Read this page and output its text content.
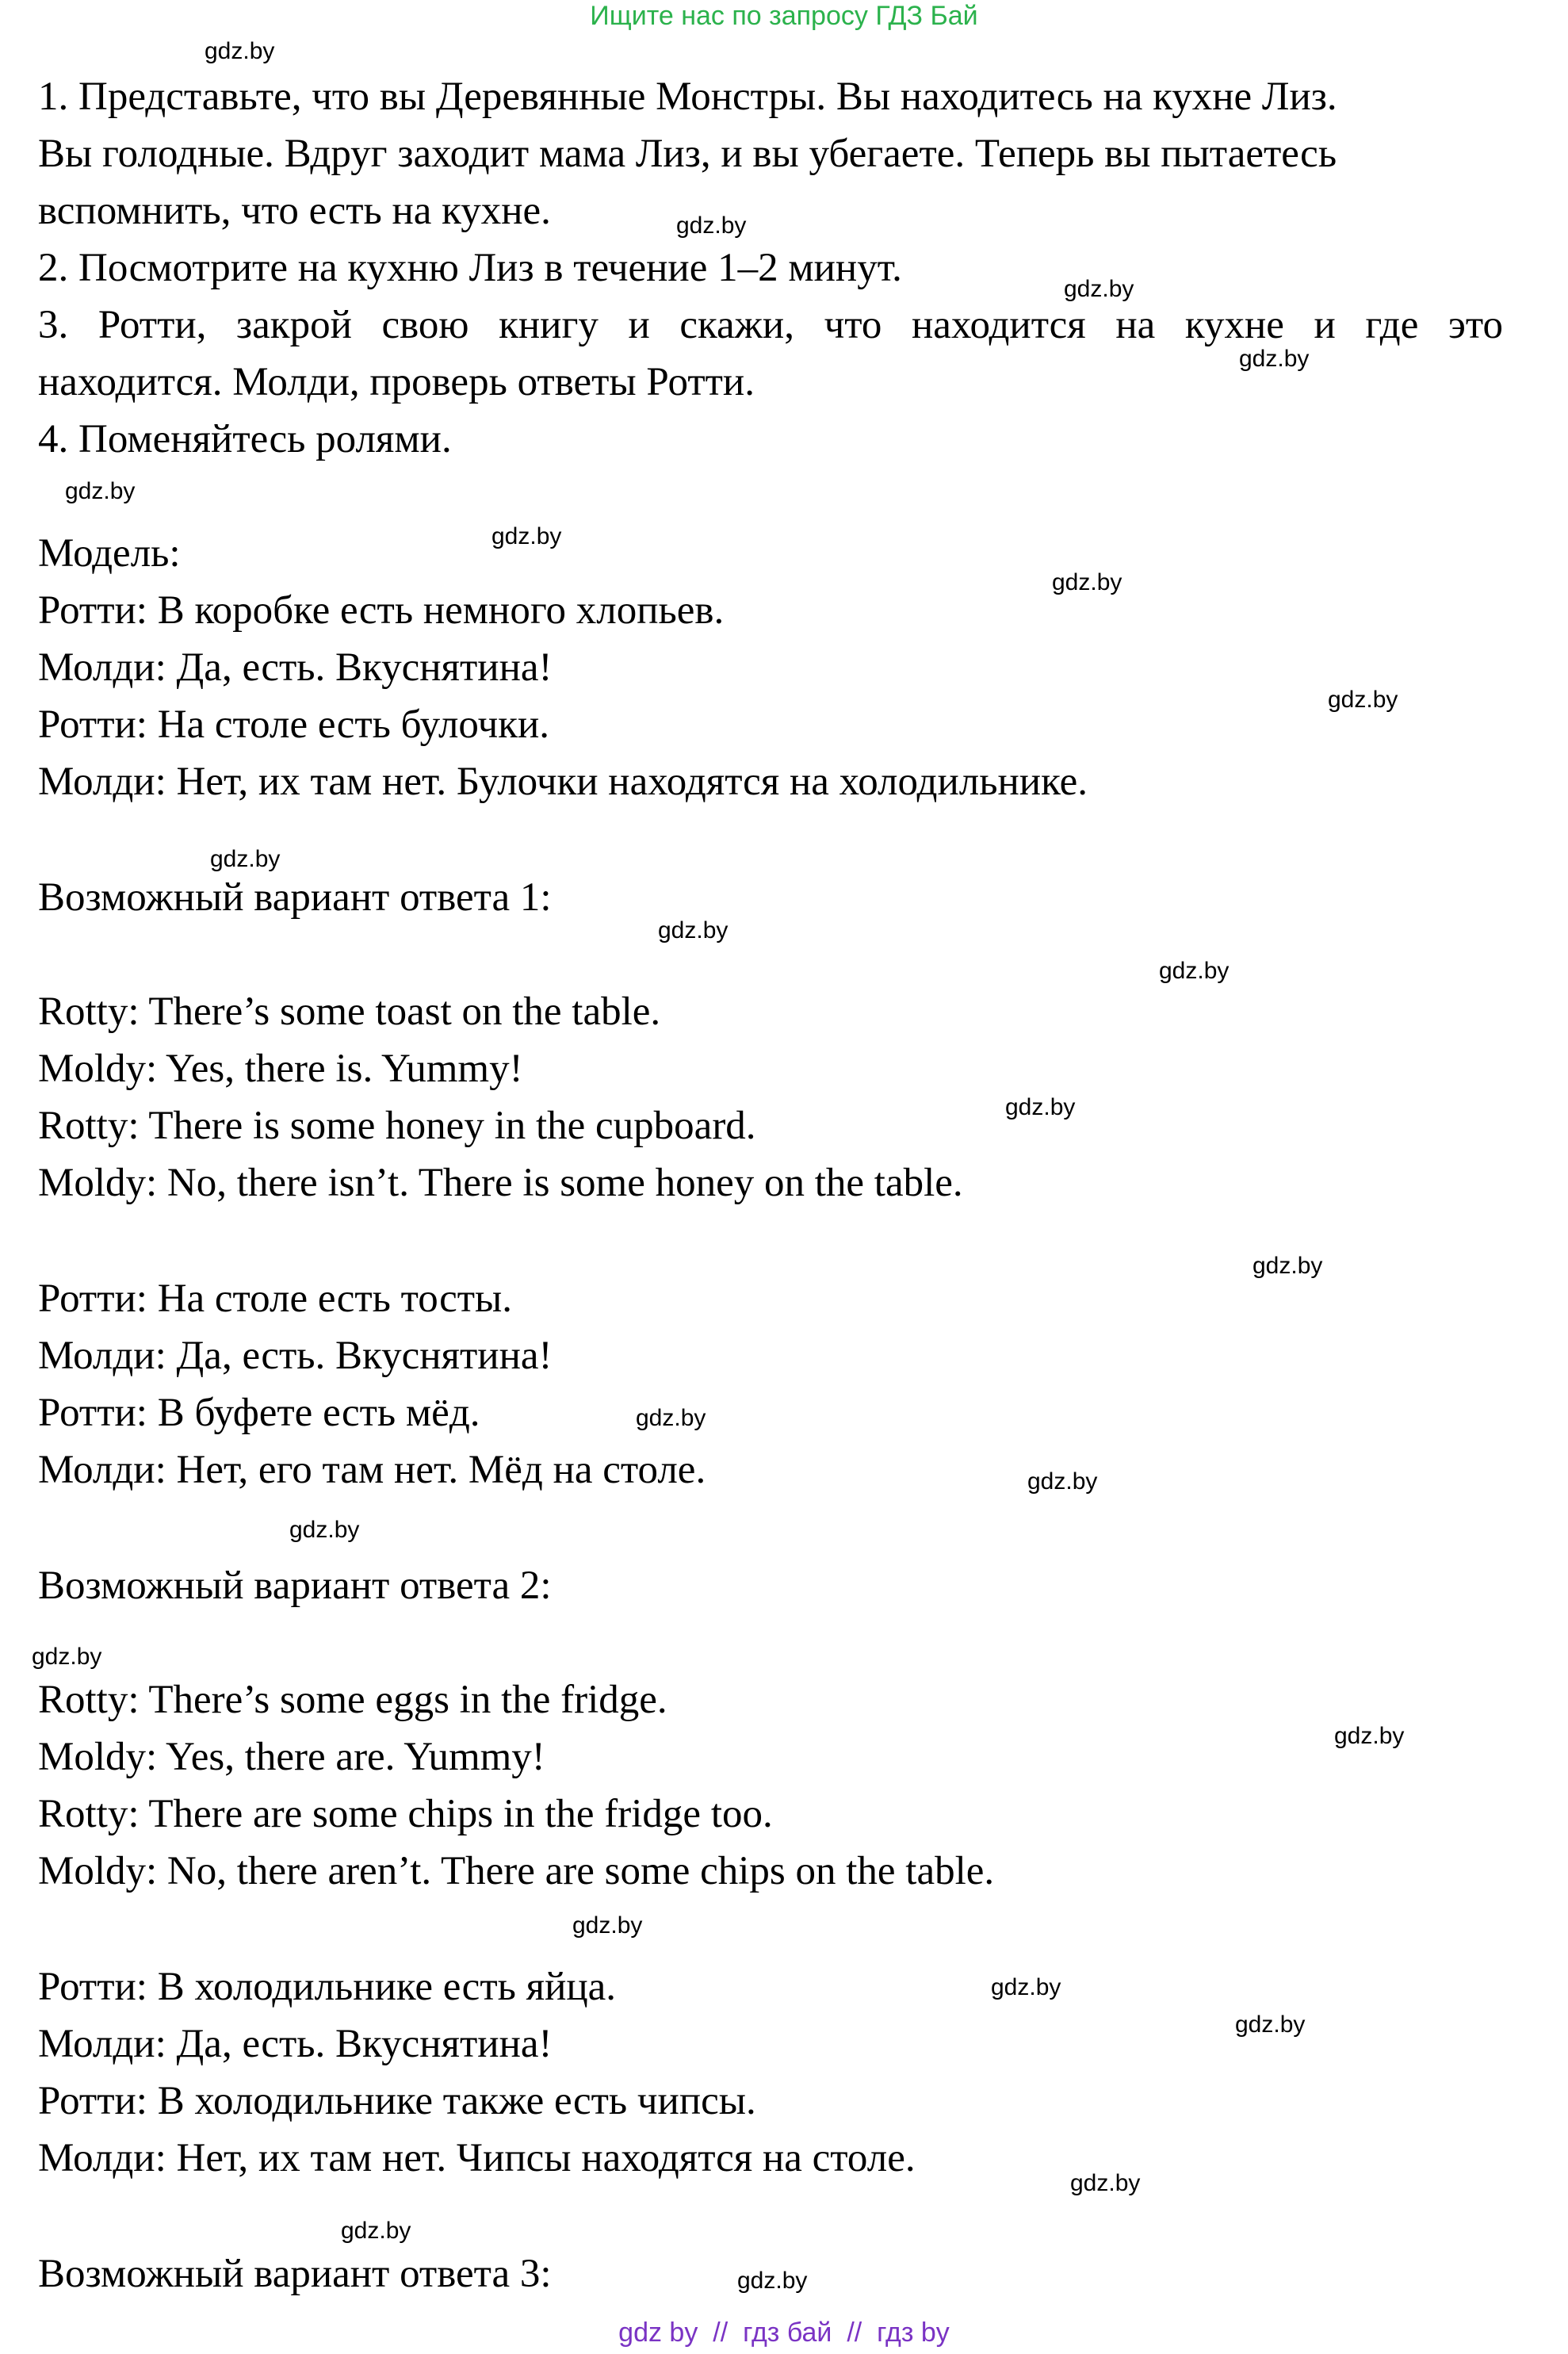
Ищите нас по запросу ГДЗ Бай
1. Представьте, что вы Деревянные Монстры. Вы находитесь на кухне Лиз.
Вы голодные. Вдруг заходит мама Лиз, и вы убегаете. Теперь вы пытаетесь
вспомнить, что есть на кухне.
2. Посмотрите на кухню Лиз в течение 1–2 минут.
3. Ротти, закрой свою книгу и скажи, что находится на кухне и где это
находится. Молди, проверь ответы Ротти.
4. Поменяйтесь ролями.
Модель:
Ротти: В коробке есть немного хлопьев.
Молди: Да, есть. Вкуснятина!
Ротти: На столе есть булочки.
Молди: Нет, их там нет. Булочки находятся на холодильнике.
Возможный вариант ответа 1:
Rotty: There’s some toast on the table.
Moldy: Yes, there is. Yummy!
Rotty: There is some honey in the cupboard.
Moldy: No, there isn’t. There is some honey on the table.
Ротти: На столе есть тосты.
Молди: Да, есть. Вкуснятина!
Ротти: В буфете есть мёд.
Молди: Нет, его там нет. Мёд на столе.
Возможный вариант ответа 2:
Rotty: There’s some eggs in the fridge.
Moldy: Yes, there are. Yummy!
Rotty: There are some chips in the fridge too.
Moldy: No, there aren’t. There are some chips on the table.
Ротти: В холодильнике есть яйца.
Молди: Да, есть. Вкуснятина!
Ротти: В холодильнике также есть чипсы.
Молди: Нет, их там нет. Чипсы находятся на столе.
Возможный вариант ответа 3:
gdz.by
gdz.by
gdz.by
gdz.by
gdz.by
gdz.by
gdz.by
gdz.by
gdz.by
gdz.by
gdz.by
gdz.by
gdz.by
gdz.by
gdz.by
gdz.by
gdz.by
gdz.by
gdz.by
gdz.by
gdz.by
gdz.by
gdz.by
gdz.by
gdz by // гдз бай // гдз by
